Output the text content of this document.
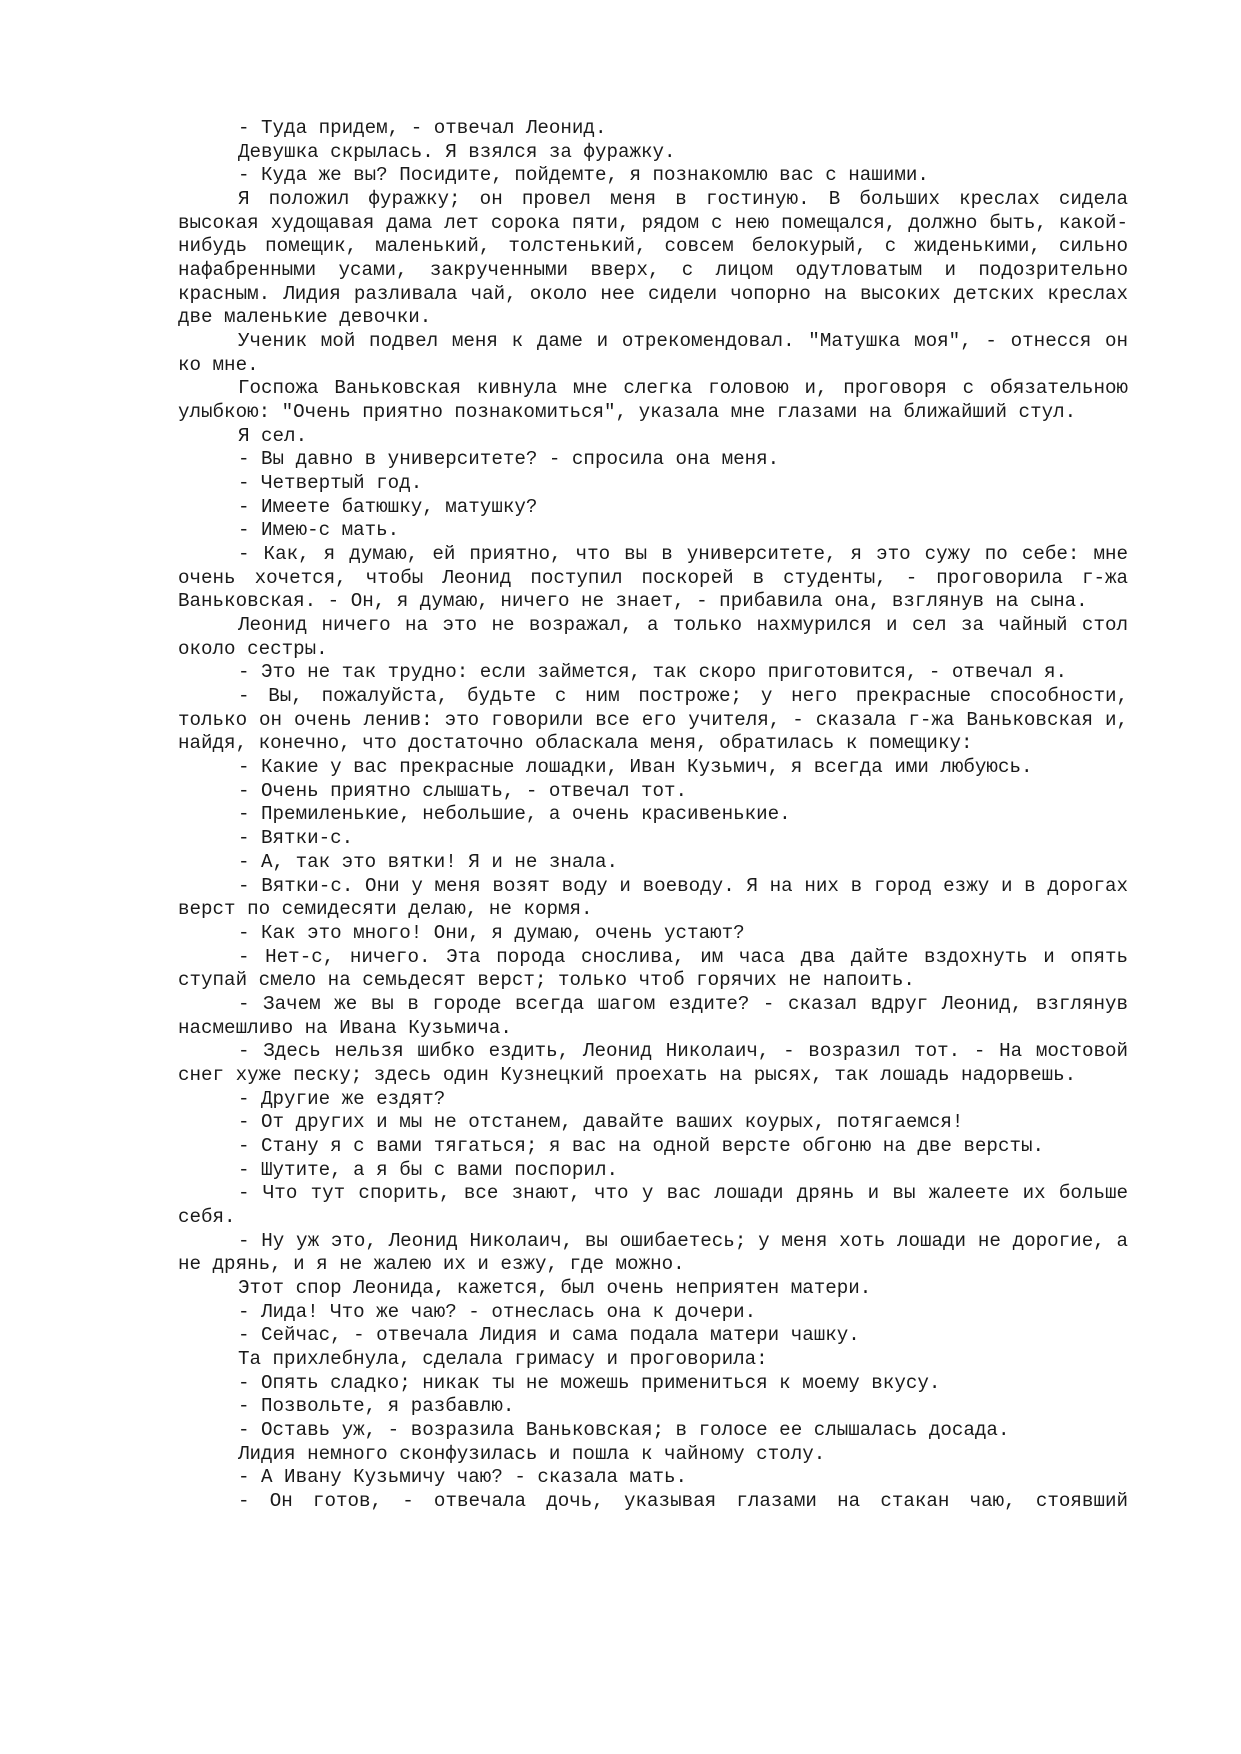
- Туда придем, - отвечал Леонид.

Девушка скрылась. Я взялся за фуражку.

- Куда же вы? Посидите, пойдемте, я познакомлю вас с нашими.

Я положил фуражку; он провел меня в гостиную. В больших креслах сидела высокая худощавая дама лет сорока пяти, рядом с нею помещался, должно быть, какой-нибудь помещик, маленький, толстенький, совсем белокурый, с жиденькими, сильно нафабренными усами, закрученными вверх, с лицом одутловатым и подозрительно красным. Лидия разливала чай, около нее сидели чопорно на высоких детских креслах две маленькие девочки.

Ученик мой подвел меня к даме и отрекомендовал. "Матушка моя", - отнесся он ко мне.

Госпожа Ваньковская кивнула мне слегка головою и, проговоря с обязательною улыбкою: "Очень приятно познакомиться", указала мне глазами на ближайший стул.

Я сел.

- Вы давно в университете? - спросила она меня.

- Четвертый год.

- Имеете батюшку, матушку?

- Имею-с мать.

- Как, я думаю, ей приятно, что вы в университете, я это сужу по себе: мне очень хочется, чтобы Леонид поступил поскорей в студенты, - проговорила г-жа Ваньковская. - Он, я думаю, ничего не знает, - прибавила она, взглянув на сына.

Леонид ничего на это не возражал, а только нахмурился и сел за чайный стол около сестры.

- Это не так трудно: если займется, так скоро приготовится, - отвечал я.

- Вы, пожалуйста, будьте с ним построже; у него прекрасные способности, только он очень ленив: это говорили все его учителя, - сказала г-жа Ваньковская и, найдя, конечно, что достаточно обласкала меня, обратилась к помещику:

- Какие у вас прекрасные лошадки, Иван Кузьмич, я всегда ими любуюсь.

- Очень приятно слышать, - отвечал тот.

- Премиленькие, небольшие, а очень красивенькие.

- Вятки-с.

- А, так это вятки! Я и не знала.

- Вятки-с. Они у меня возят воду и воеводу. Я на них в город езжу и в дорогах верст по семидесяти делаю, не кормя.

- Как это много! Они, я думаю, очень устают?

- Нет-с, ничего. Эта порода сносливa, им часа два дайте вздохнуть и опять ступай смело на семьдесят верст; только чтоб горячих не напоить.

- Зачем же вы в городе всегда шагом ездите? - сказал вдруг Леонид, взглянув насмешливо на Ивана Кузьмича.

- Здесь нельзя шибко ездить, Леонид Николаич, - возразил тот. - На мостовой снег хуже песку; здесь один Кузнецкий проехать на рысях, так лошадь надорвешь.

- Другие же ездят?

- От других и мы не отстанем, давайте ваших коурых, потягаемся!

- Стану я с вами тягаться; я вас на одной версте обгоню на две версты.

- Шутите, а я бы с вами поспорил.

- Что тут спорить, все знают, что у вас лошади дрянь и вы жалеете их больше себя.

- Ну уж это, Леонид Николаич, вы ошибаетесь; у меня хоть лошади не дорогие, а не дрянь, и я не жалею их и езжу, где можно.

Этот спор Леонида, кажется, был очень неприятен матери.

- Лида! Что же чаю? - отнеслась она к дочери.

- Сейчас, - отвечала Лидия и сама подала матери чашку.

Та прихлебнула, сделала гримасу и проговорила:

- Опять сладко; никак ты не можешь примениться к моему вкусу.

- Позвольте, я разбавлю.

- Оставь уж, - возразила Ваньковская; в голосе ее слышалась досада.

Лидия немного сконфузилась и пошла к чайному столу.

- А Ивану Кузьмичу чаю? - сказала мать.

- Он готов, - отвечала дочь, указывая глазами на стакан чаю, стоявший
